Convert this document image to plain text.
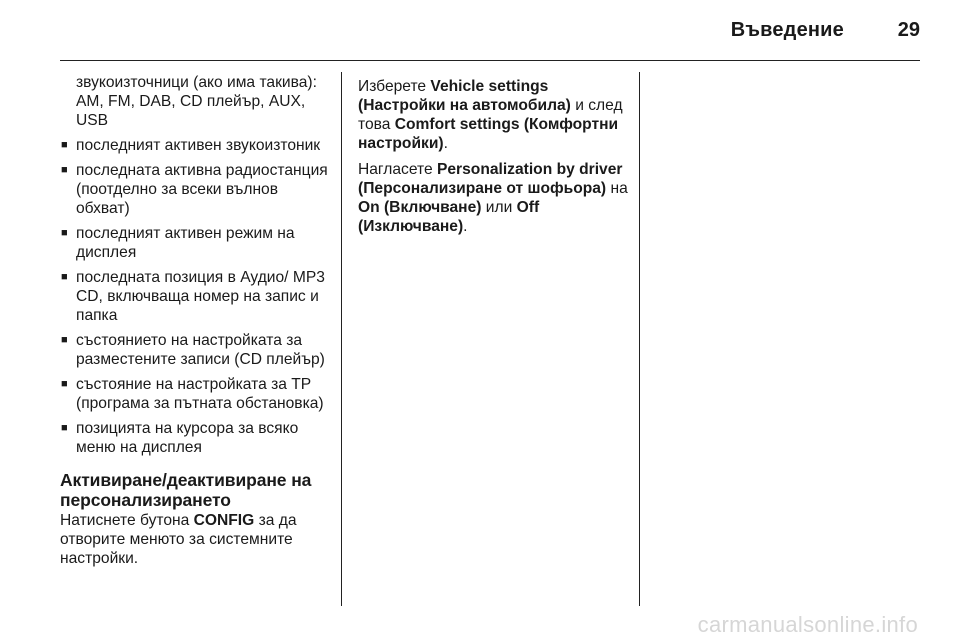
Въведение	29

звукоизточници (ако има такива): AM, FM, DAB, CD плейър, AUX, USB

■ последният активен звукоизтоник
■ последната активна радиостанция (поотделно за всеки вълнов обхват)
■ последният активен режим на дисплея
■ последната позиция в Аудио/ MP3 CD, включваща номер на запис и папка
■ състоянието на настройката за разместените записи (CD плейър)
■ състояние на настройката за TP (програма за пътната обстановка)
■ позицията на курсора за всяко меню на дисплея
Активиране/деактивиране на персонализирането

Натиснете бутона CONFIG за да отворите менюто за системните настройки.

Изберете Vehicle settings (Настройки на автомобила) и след това Comfort settings (Комфортни настройки).

Нагласете Personalization by driver (Персонализиране от шофьора) на On (Включване) или Off (Изключване).

carmanualsonline.info
